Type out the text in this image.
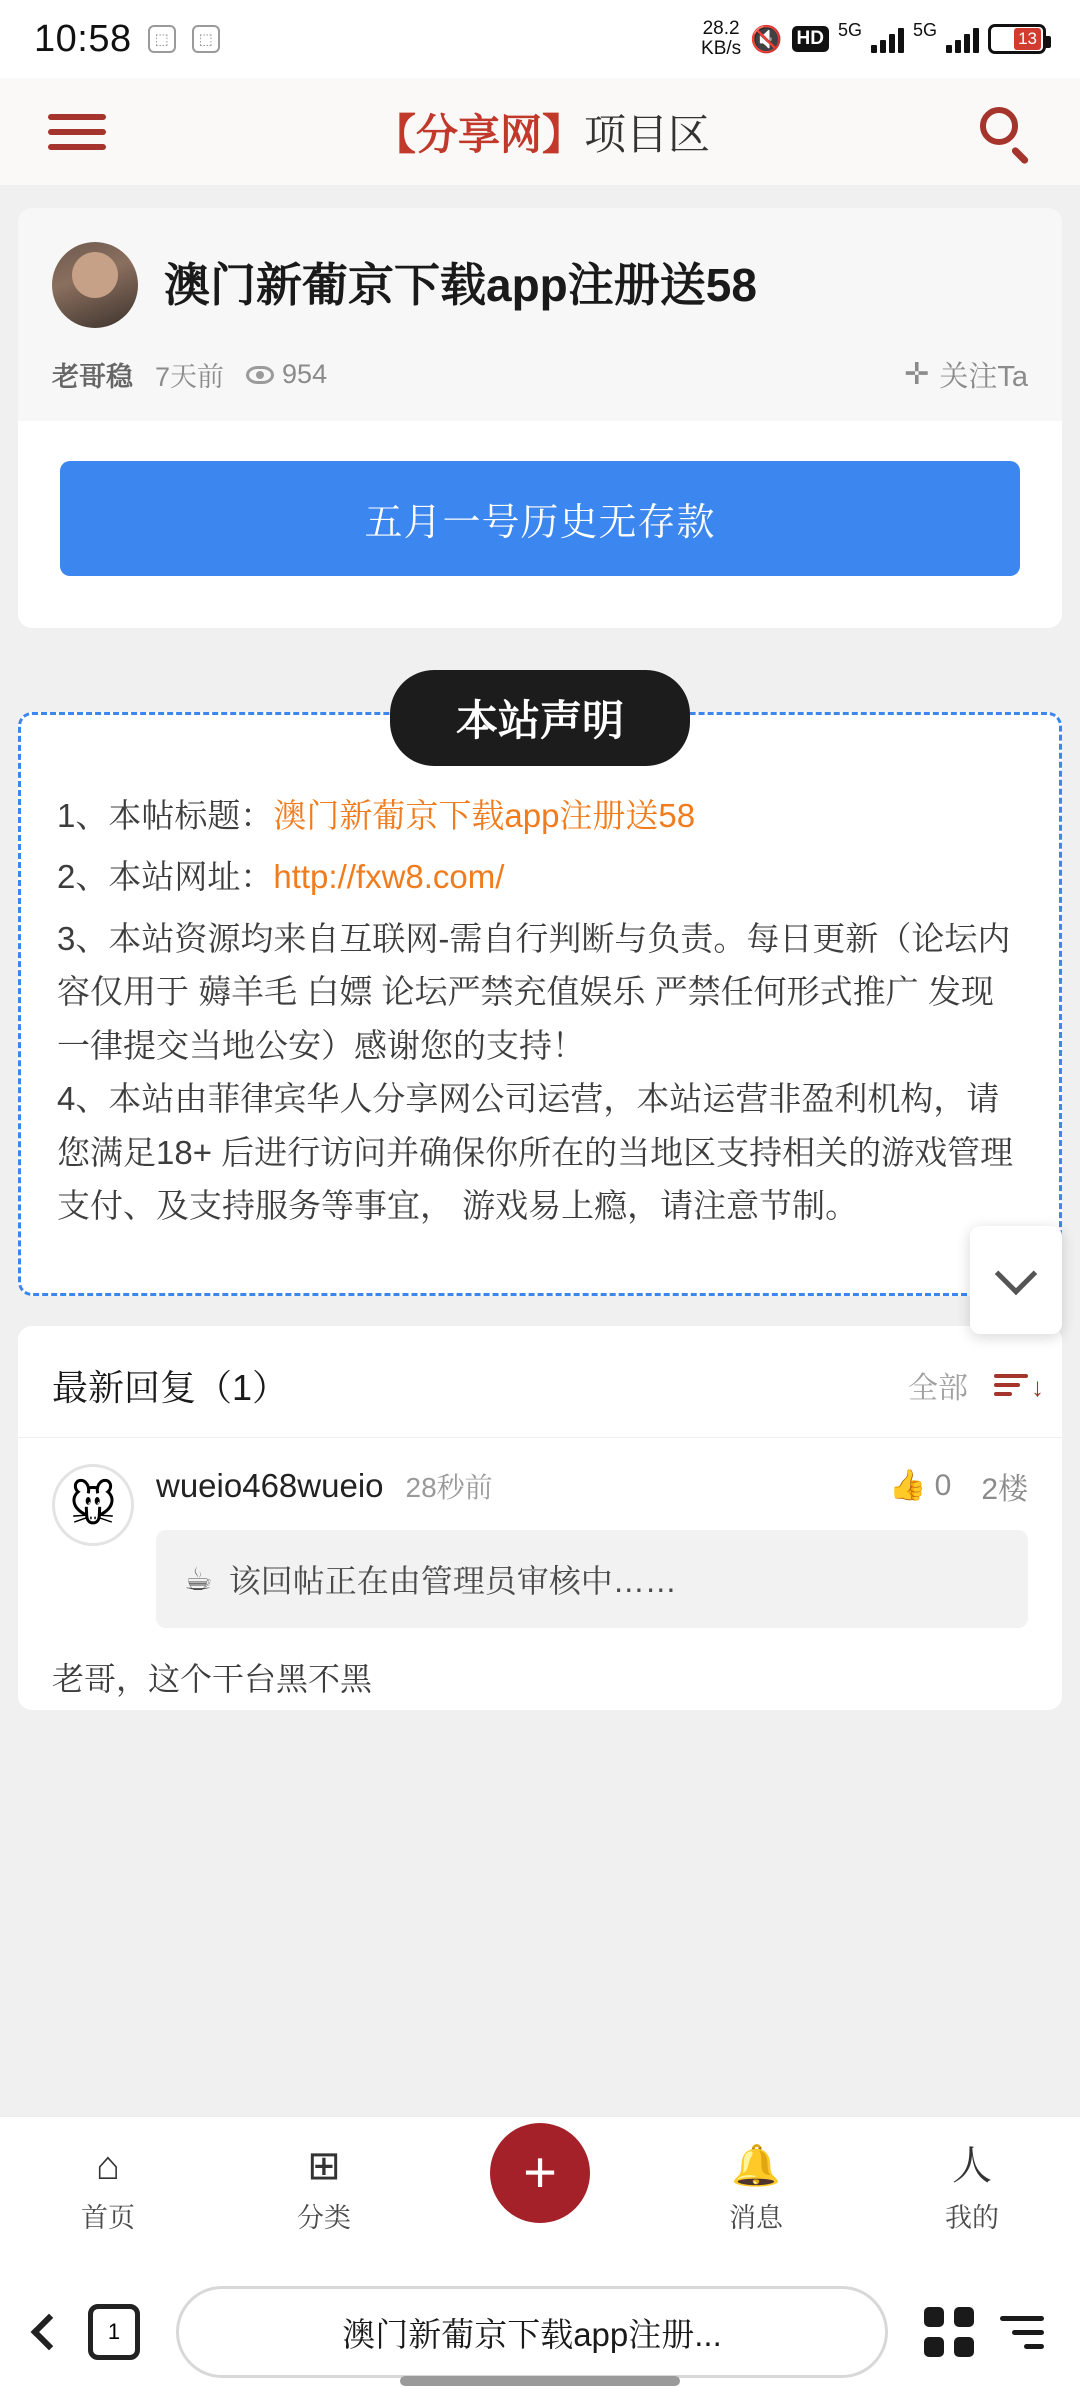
10:58	⬚	⬚
28.2
KB/s 🔇 HD 5G	5G	13
【分享网】项目区
澳门新葡京下载app注册送58
老哥稳 7天前 954	✛ 关注Ta
五月一号历史无存款
本站声明
1、本帖标题：澳门新葡京下载app注册送58
2、本站网址：http://fxw8.com/
3、本站资源均来自互联网-需自行判断与负责。每日更新（论坛内容仅用于 薅羊毛 白嫖 论坛严禁充值娱乐 严禁任何形式推广 发现一律提交当地公安）感谢您的支持！
4、本站由菲律宾华人分享网公司运营，本站运营非盈利机构，请您满足18+ 后进行访问并确保你所在的当地区支持相关的游戏管理 支付、及支持服务等事宜， 游戏易上瘾，请注意节制。
最新回复（1）	全部 ↓
🐭	wueio468wueio 28秒前	👍 0 2楼
☕ 该回帖正在由管理员审核中……
老哥，这个干台黑不黑
⌂
首页
⊞
分类
+	🔔
消息
人
我的
1	澳门新葡京下载app注册...
